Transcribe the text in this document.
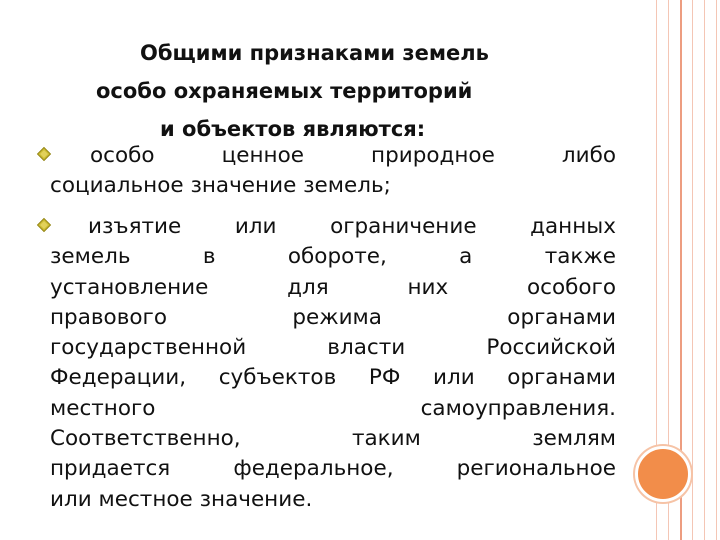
Общими признаками земель
особо охраняемых территорий
и объектов являются:
особо ценное природное либо
социальное значение земель;
изъятие или ограничение данных
земель в обороте, а также
установление для них особого
правового режима органами
государственной власти Российской
Федерации, субъектов РФ или органами
местного самоуправления.
Соответственно, таким землям
придается федеральное, региональное
или местное значение.
